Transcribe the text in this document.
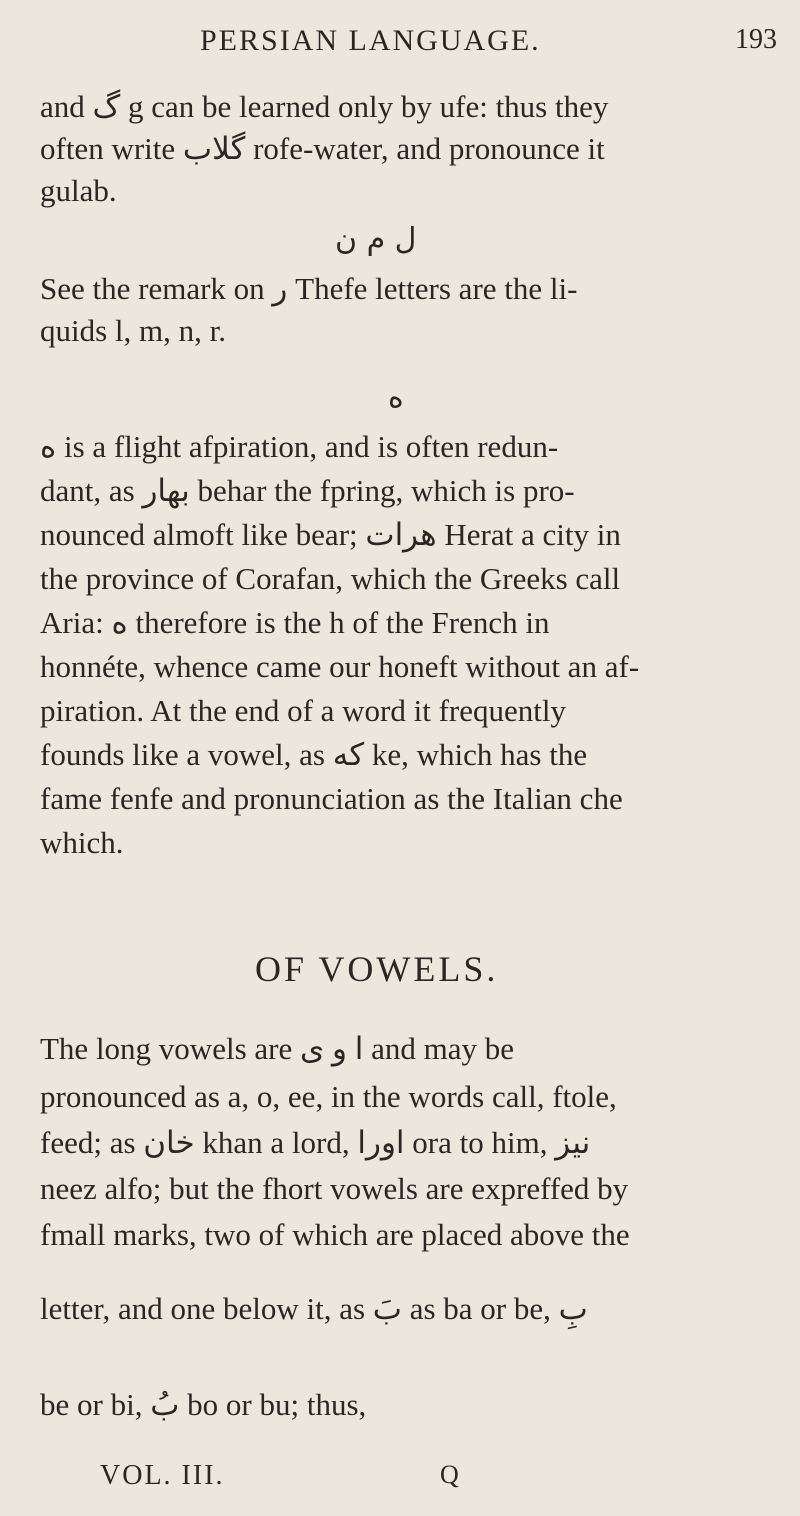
PERSIAN LANGUAGE.	193
and گ g can be learned only by ufe: thus they
often write گلاب rofe-water, and pronounce it
gulab.
ل م ن
See the remark on ر Thefe letters are the li-
quids l, m, n, r.
ه
ه is a flight afpiration, and is often redun-
dant, as بهار behar the fpring, which is pro-
nounced almoft like bear; هرات Herat a city in
the province of Corafan, which the Greeks call
Aria: ه therefore is the h of the French in
honnéte, whence came our honeft without an af-
piration. At the end of a word it frequently
founds like a vowel, as که ke, which has the
fame fenfe and pronunciation as the Italian che
which.
OF VOWELS.
The long vowels are ا و ى and may be
pronounced as a, o, ee, in the words call, ftole,
feed; as خان khan a lord, اورا ora to him, نيز
neez alfo; but the fhort vowels are expreffed by
fmall marks, two of which are placed above the
letter, and one below it, as بَ as ba or be, بِ
be or bi, بُ bo or bu; thus,
VOL. III.	Q
